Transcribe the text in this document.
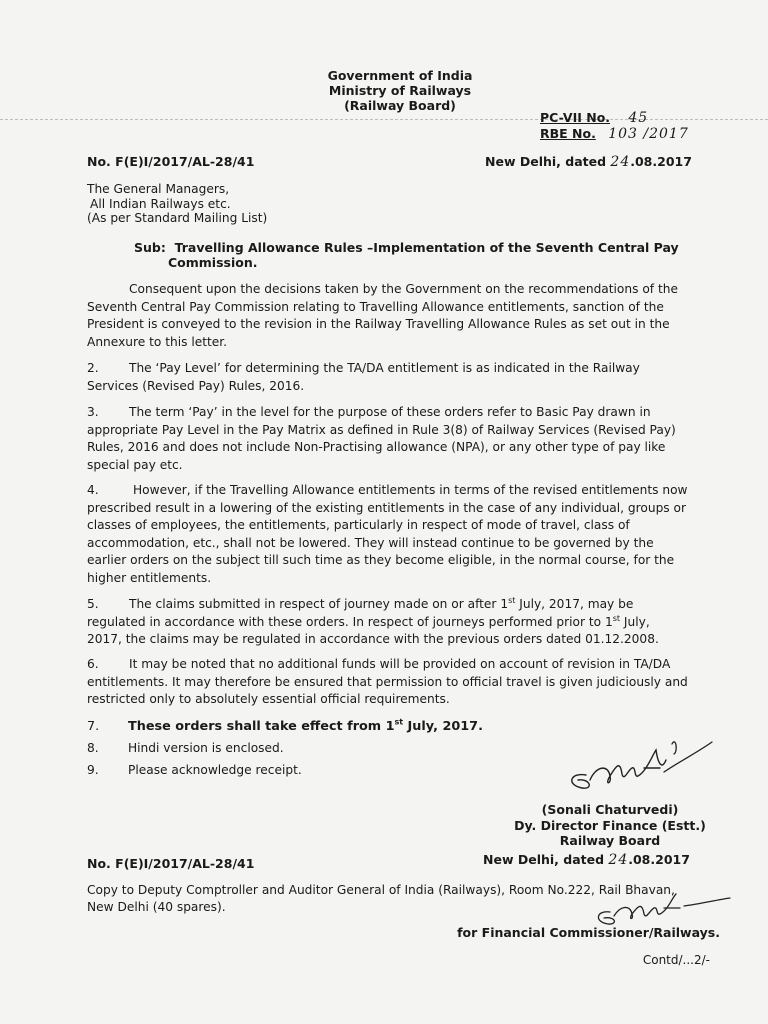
Government of India
Ministry of Railways
(Railway Board)
PC-VII No. 45
RBE No. 103 /2017
No. F(E)I/2017/AL-28/41	New Delhi, dated 24.08.2017
The General Managers,
All Indian Railways etc.
(As per Standard Mailing List)
Sub: Travelling Allowance Rules –Implementation of the Seventh Central Pay
Commission.
Consequent upon the decisions taken by the Government on the recommendations of the
Seventh Central Pay Commission relating to Travelling Allowance entitlements, sanction of the
President is conveyed to the revision in the Railway Travelling Allowance Rules as set out in the
Annexure to this letter.
2. The ‘Pay Level’ for determining the TA/DA entitlement is as indicated in the Railway
Services (Revised Pay) Rules, 2016.
3. The term ‘Pay’ in the level for the purpose of these orders refer to Basic Pay drawn in
appropriate Pay Level in the Pay Matrix as defined in Rule 3(8) of Railway Services (Revised Pay)
Rules, 2016 and does not include Non-Practising allowance (NPA), or any other type of pay like
special pay etc.
4.	However, if the Travelling Allowance entitlements in terms of the revised entitlements now
prescribed result in a lowering of the existing entitlements in the case of any individual, groups or
classes of employees, the entitlements, particularly in respect of mode of travel, class of
accommodation, etc., shall not be lowered. They will instead continue to be governed by the
earlier orders on the subject till such time as they become eligible, in the normal course, for the
higher entitlements.
5. The claims submitted in respect of journey made on or after 1st July, 2017, may be
regulated in accordance with these orders. In respect of journeys performed prior to 1st July,
2017, the claims may be regulated in accordance with the previous orders dated 01.12.2008.
6. It may be noted that no additional funds will be provided on account of revision in TA/DA
entitlements. It may therefore be ensured that permission to official travel is given judiciously and
restricted only to absolutely essential official requirements.
7. These orders shall take effect from 1st July, 2017.
8. Hindi version is enclosed.
9. Please acknowledge receipt.
(Sonali Chaturvedi)
Dy. Director Finance (Estt.)
Railway Board
No. F(E)I/2017/AL-28/41	New Delhi, dated 24.08.2017
Copy to Deputy Comptroller and Auditor General of India (Railways), Room No.222, Rail Bhavan,
New Delhi (40 spares).
for Financial Commissioner/Railways.
Contd/...2/-
